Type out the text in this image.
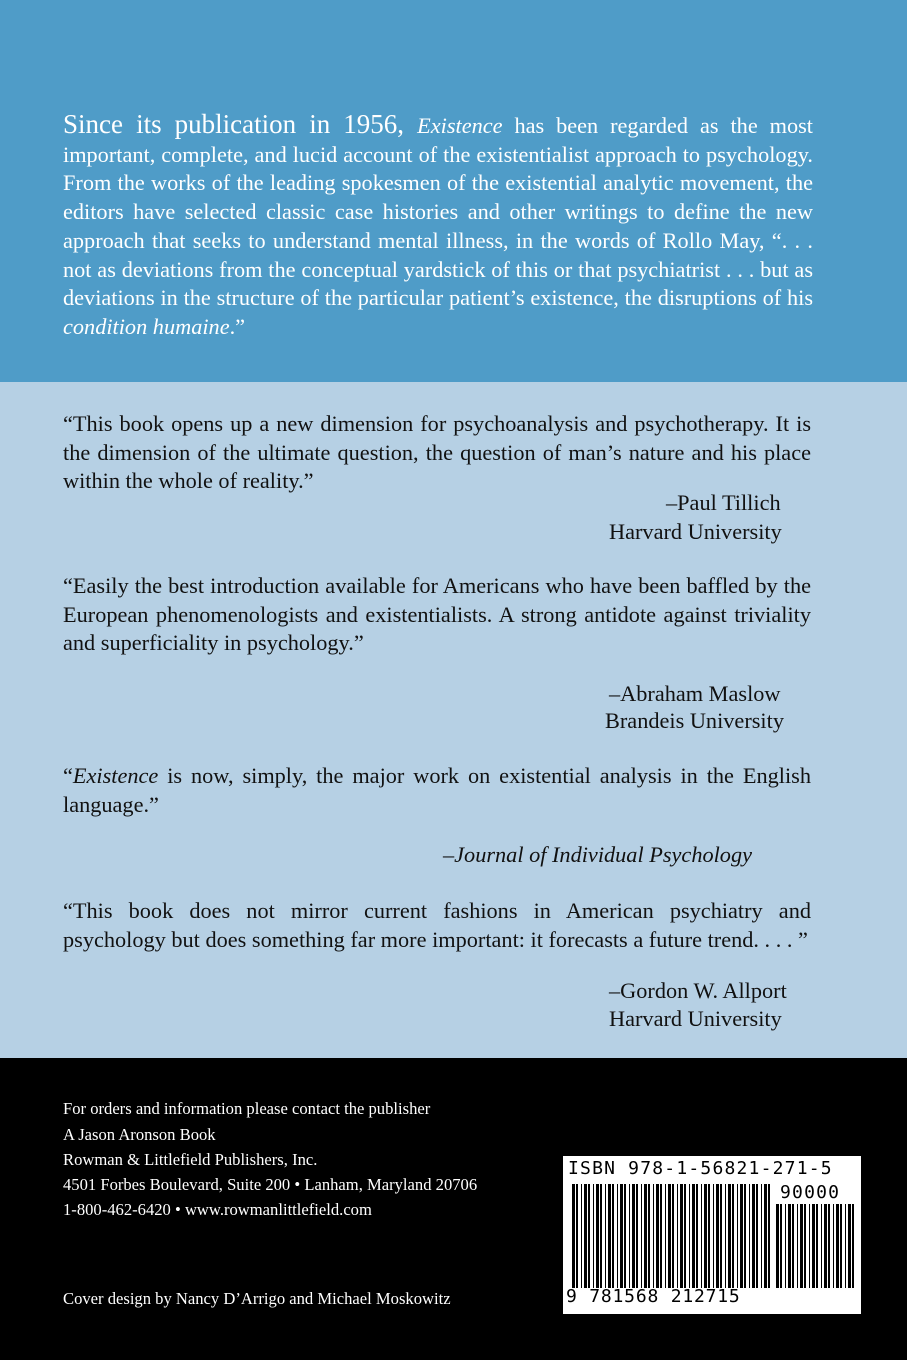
Since its publication in 1956, Existence has been regarded as the most important, complete, and lucid account of the existentialist approach to psychology. From the works of the leading spokesmen of the existential analytic movement, the editors have selected classic case histories and other writings to define the new approach that seeks to understand mental illness, in the words of Rollo May, “. . . not as deviations from the conceptual yardstick of this or that psychiatrist . . . but as deviations in the structure of the particular patient’s existence, the disruptions of his condition humaine.”
“This book opens up a new dimension for psychoanalysis and psychotherapy. It is the dimension of the ultimate question, the question of man’s nature and his place within the whole of reality.”
–Paul Tillich
Harvard University
“Easily the best introduction available for Americans who have been baffled by the European phenomenologists and existentialists. A strong antidote against triviality and superficiality in psychology.”
–Abraham Maslow
Brandeis University
“Existence is now, simply, the major work on existential analysis in the English language.”
–Journal of Individual Psychology
“This book does not mirror current fashions in American psychiatry and psychology but does something far more important: it forecasts a future trend. . . . ”
–Gordon W. Allport
Harvard University
For orders and information please contact the publisher
A Jason Aronson Book
Rowman & Littlefield Publishers, Inc.
4501 Forbes Boulevard, Suite 200 • Lanham, Maryland 20706
1-800-462-6420 • www.rowmanlittlefield.com
Cover design by Nancy D’Arrigo and Michael Moskowitz
ISBN 978-1-56821-271-5
90000
9 781568 212715
